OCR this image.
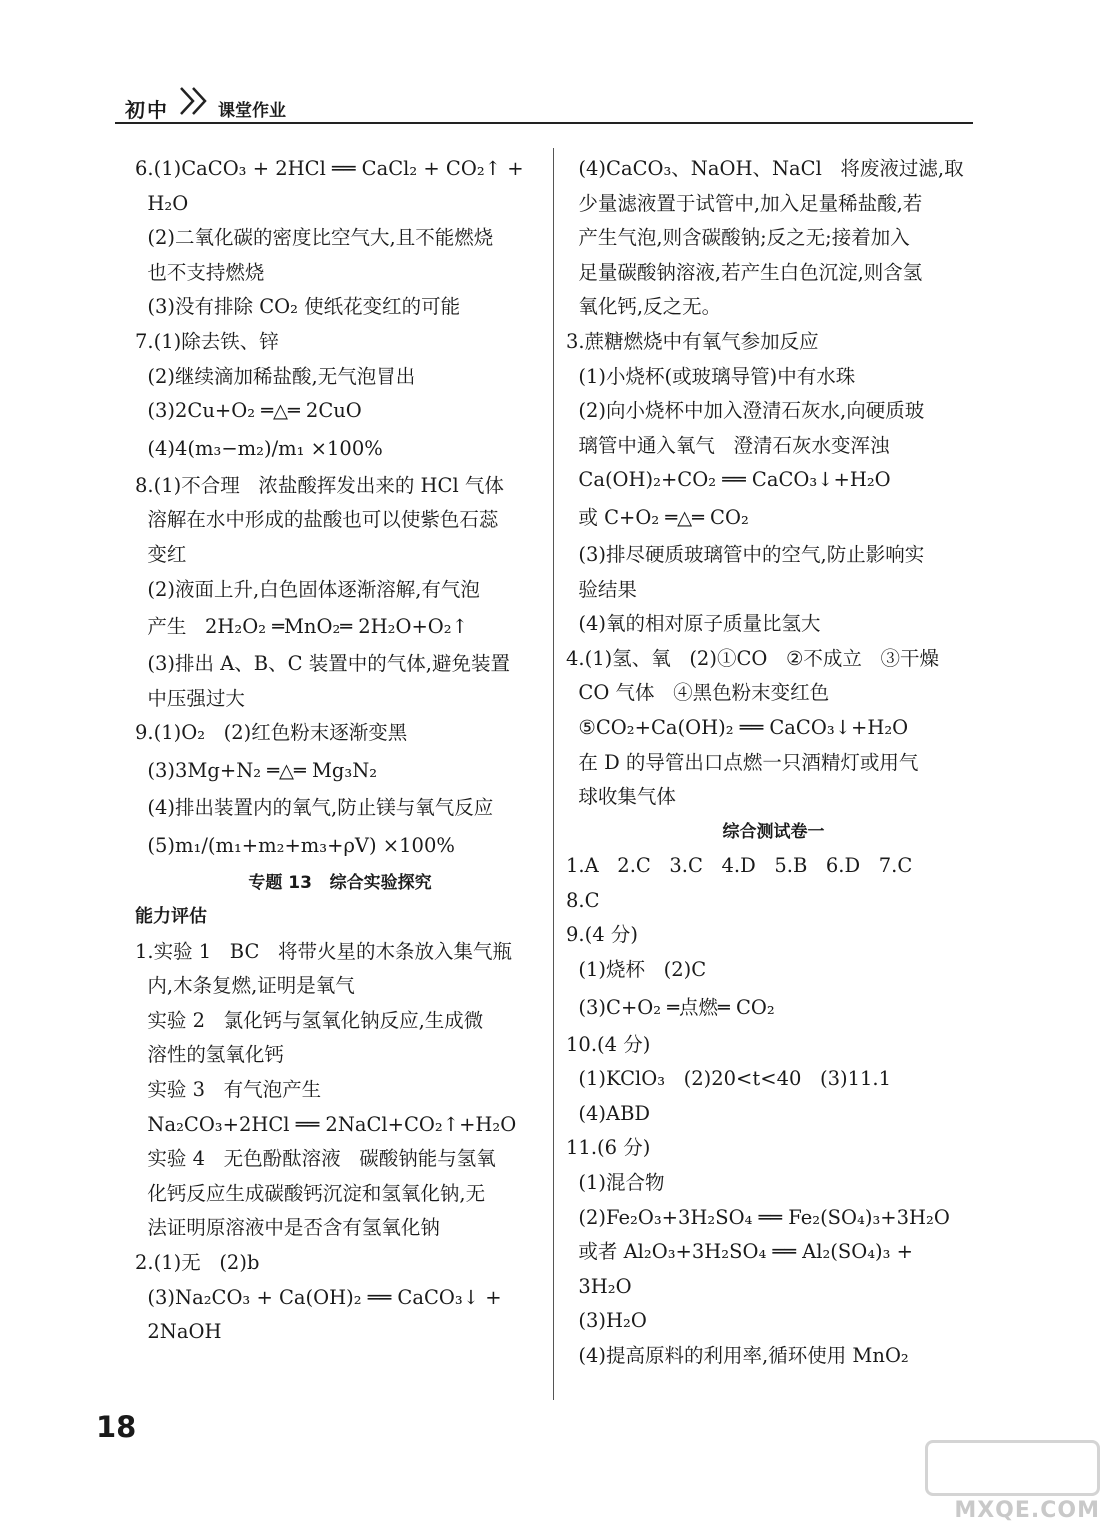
初中	课堂作业
6.(1)CaCO₃ + 2HCl ══ CaCl₂ + CO₂↑ +
H₂O
(2)二氧化碳的密度比空气大,且不能燃烧
也不支持燃烧
(3)没有排除 CO₂ 使纸花变红的可能
7.(1)除去铁、锌
(2)继续滴加稀盐酸,无气泡冒出
(3)2Cu+O₂ ═△═ 2CuO
(4)4(m₃−m₂)/m₁ ×100%
8.(1)不合理   浓盐酸挥发出来的 HCl 气体
溶解在水中形成的盐酸也可以使紫色石蕊
变红
(2)液面上升,白色固体逐渐溶解,有气泡
产生   2H₂O₂ ═MnO₂═ 2H₂O+O₂↑
(3)排出 A、B、C 装置中的气体,避免装置
中压强过大
9.(1)O₂   (2)红色粉末逐渐变黑
(3)3Mg+N₂ ═△═ Mg₃N₂
(4)排出装置内的氧气,防止镁与氧气反应
(5)m₁/(m₁+m₂+m₃+ρV) ×100%
专题 13   综合实验探究
能力评估
1.实验 1   BC   将带火星的木条放入集气瓶
内,木条复燃,证明是氧气
实验 2   氯化钙与氢氧化钠反应,生成微
溶性的氢氧化钙
实验 3   有气泡产生
Na₂CO₃+2HCl ══ 2NaCl+CO₂↑+H₂O
实验 4   无色酚酞溶液   碳酸钠能与氢氧
化钙反应生成碳酸钙沉淀和氢氧化钠,无
法证明原溶液中是否含有氢氧化钠
2.(1)无   (2)b
(3)Na₂CO₃ + Ca(OH)₂ ══ CaCO₃↓ +
2NaOH
(4)CaCO₃、NaOH、NaCl   将废液过滤,取
少量滤液置于试管中,加入足量稀盐酸,若
产生气泡,则含碳酸钠;反之无;接着加入
足量碳酸钠溶液,若产生白色沉淀,则含氢
氧化钙,反之无。
3.蔗糖燃烧中有氧气参加反应
(1)小烧杯(或玻璃导管)中有水珠
(2)向小烧杯中加入澄清石灰水,向硬质玻
璃管中通入氧气   澄清石灰水变浑浊
Ca(OH)₂+CO₂ ══ CaCO₃↓+H₂O
或 C+O₂ ═△═ CO₂
(3)排尽硬质玻璃管中的空气,防止影响实
验结果
(4)氧的相对原子质量比氢大
4.(1)氢、氧   (2)①CO   ②不成立   ③干燥
CO 气体   ④黑色粉末变红色
⑤CO₂+Ca(OH)₂ ══ CaCO₃↓+H₂O
在 D 的导管出口点燃一只酒精灯或用气
球收集气体
综合测试卷一
1.A   2.C   3.C   4.D   5.B   6.D   7.C
8.C
9.(4 分)
(1)烧杯   (2)C
(3)C+O₂ ═点燃═ CO₂
10.(4 分)
(1)KClO₃   (2)20<t<40   (3)11.1
(4)ABD
11.(6 分)
(1)混合物
(2)Fe₂O₃+3H₂SO₄ ══ Fe₂(SO₄)₃+3H₂O
或者 Al₂O₃+3H₂SO₄ ══ Al₂(SO₄)₃ +
3H₂O
(3)H₂O
(4)提高原料的利用率,循环使用 MnO₂
18
MXQE.COM
